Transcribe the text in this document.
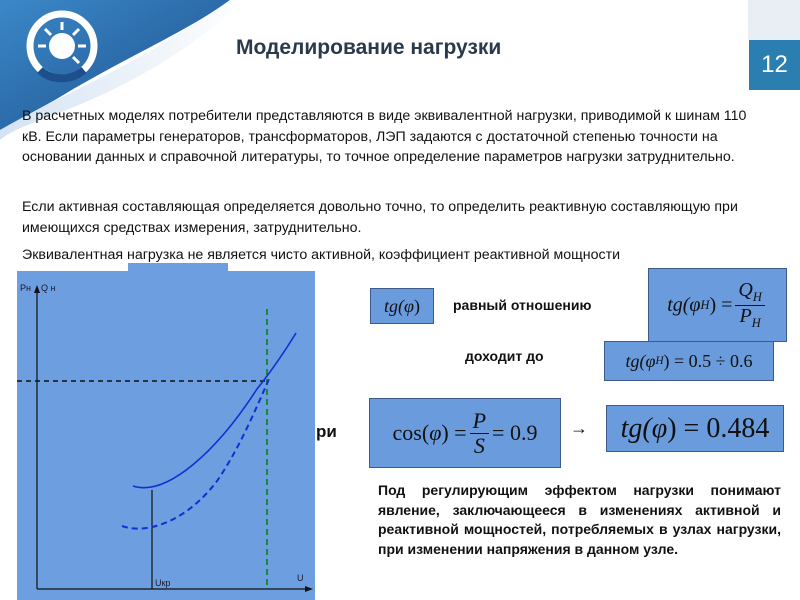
Моделирование нагрузки
12
В расчетных моделях потребители представляются в виде эквивалентной нагрузки, приводимой к шинам 110 кВ. Если параметры генераторов, трансформаторов, ЛЭП задаются с достаточной степенью точности на основании данных и справочной литературы, то точное определение параметров нагрузки затруднительно.
Если активная составляющая определяется довольно точно, то определить реактивную составляющую при имеющихся средствах измерения, затруднительно.
Эквивалентная нагрузка не является чисто активной, коэффициент реактивной мощности
Рн Q н
Uкр	U
tg( φ ) равный отношению	tg( φ H ) = $\frac{Q_H}{P_H}$
доходит до	tg( φ H ) = 0.5 ÷ 0.6
ри	cos( φ ) = $\frac{P}{S} = 0.9 \to tg$( φ ) = 0.484
Под регулирующим эффектом нагрузки понимают явление, заключающееся в изменениях активной и реактивной мощностей, потребляемых в узлах нагрузки, при изменении напряжения в данном узле.
